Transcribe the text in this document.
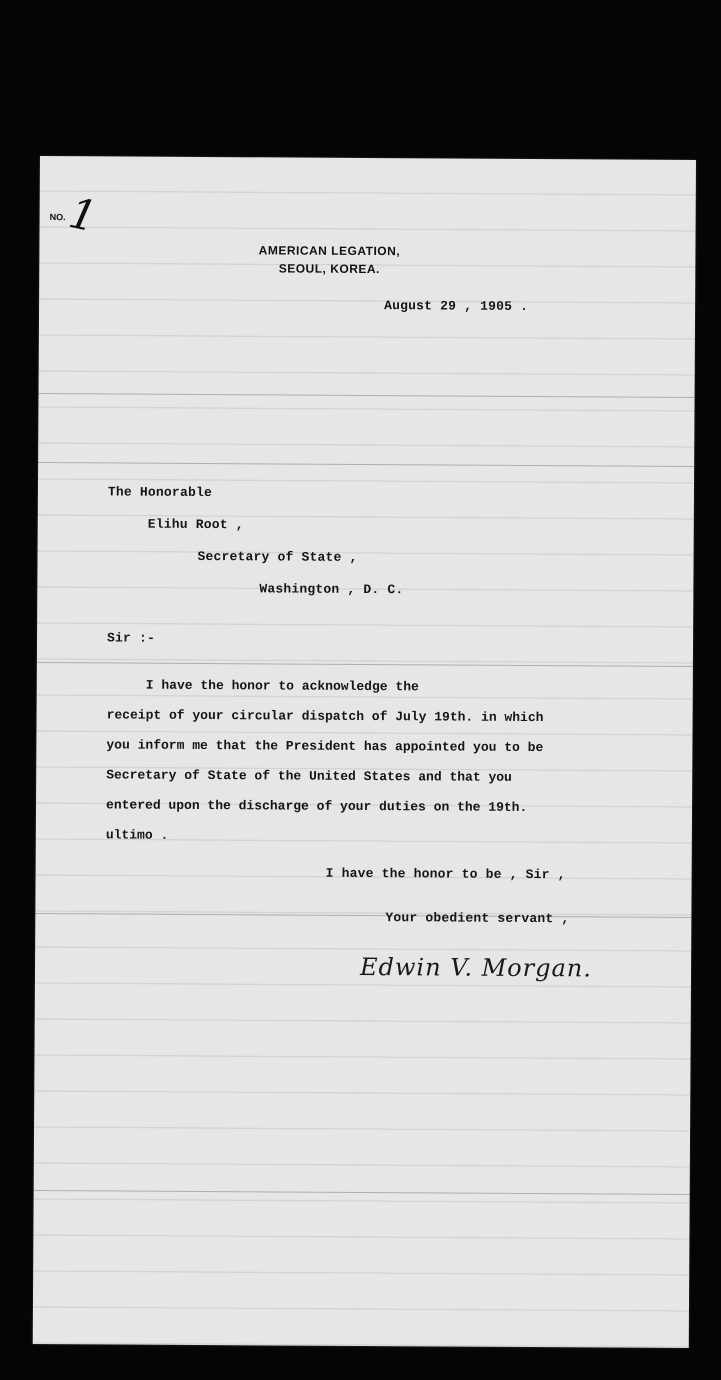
NO. 1
AMERICAN LEGATION,
SEOUL, KOREA.
August 29 , 1905 .
The Honorable
Elihu Root ,
Secretary of State ,
Washington , D. C.
Sir :-
I have the honor to acknowledge the
receipt of your circular dispatch of July 19th. in which
you inform me that the President has appointed you to be
Secretary of State of the United States and that you
entered upon the discharge of your duties on the 19th.
ultimo .
I have the honor to be , Sir ,
Your obedient servant ,
Edwin V. Morgan.
